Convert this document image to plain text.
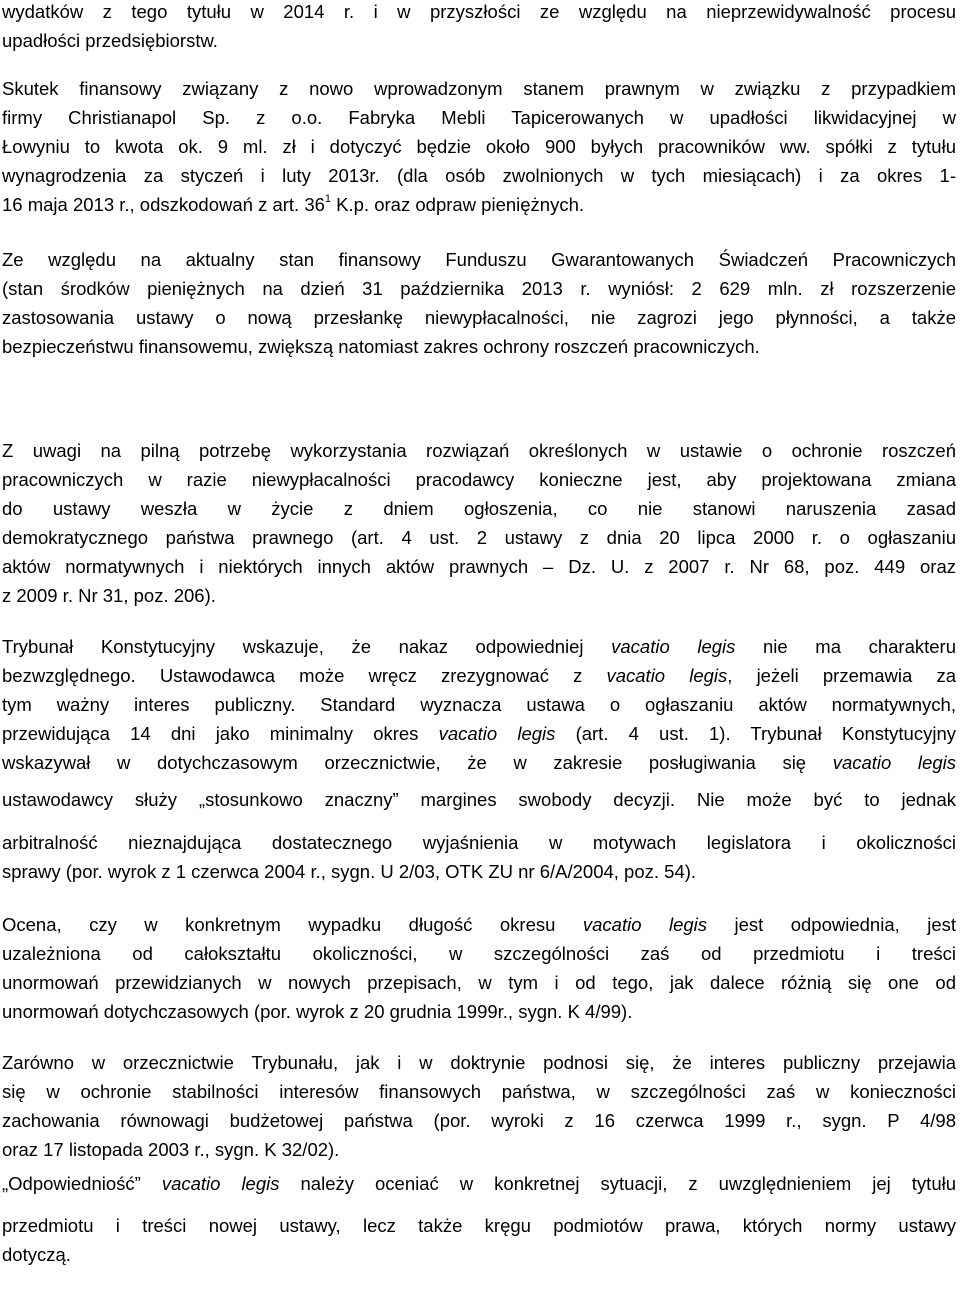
wydatków z tego tytułu w 2014 r. i w przyszłości ze względu na nieprzewidywalność procesu
upadłości przedsiębiorstw.
Skutek finansowy związany z nowo wprowadzonym stanem prawnym w związku z przypadkiem
firmy Christianapol Sp. z o.o. Fabryka Mebli Tapicerowanych w upadłości likwidacyjnej w
Łowyniu to kwota ok. 9 ml. zł i dotyczyć będzie około 900 byłych pracowników ww. spółki z tytułu
wynagrodzenia za styczeń i luty 2013r. (dla osób zwolnionych w tych miesiącach) i za okres 1-
16 maja 2013 r., odszkodowań z art. $36^1$ K.p. oraz odpraw pieniężnych.
Ze względu na aktualny stan finansowy Funduszu Gwarantowanych Świadczeń Pracowniczych
(stan środków pieniężnych na dzień 31 października 2013 r. wyniósł: 2 629 mln. zł rozszerzenie
zastosowania ustawy o nową przesłankę niewypłacalności, nie zagrozi jego płynności, a także
bezpieczeństwu finansowemu, zwiększą natomiast zakres ochrony roszczeń pracowniczych.
Z uwagi na pilną potrzebę wykorzystania rozwiązań określonych w ustawie o ochronie roszczeń
pracowniczych w razie niewypłacalności pracodawcy konieczne jest, aby projektowana zmiana
do ustawy weszła w życie z dniem ogłoszenia, co nie stanowi naruszenia zasad
demokratycznego państwa prawnego (art. 4 ust. 2 ustawy z dnia 20 lipca 2000 r. o ogłaszaniu
aktów normatywnych i niektórych innych aktów prawnych – Dz. U. z 2007 r. Nr 68, poz. 449 oraz
z 2009 r. Nr 31, poz. 206).
Trybunał Konstytucyjny wskazuje, że nakaz odpowiedniej vacatio legis nie ma charakteru
bezwzględnego. Ustawodawca może wręcz zrezygnować z vacatio legis, jeżeli przemawia za
tym ważny interes publiczny. Standard wyznacza ustawa o ogłaszaniu aktów normatywnych,
przewidująca 14 dni jako minimalny okres vacatio legis (art. 4 ust. 1). Trybunał Konstytucyjny
wskazywał w dotychczasowym orzecznictwie, że w zakresie posługiwania się vacatio legis
ustawodawcy służy „stosunkowo znaczny” margines swobody decyzji. Nie może być to jednak
arbitralność nieznajdująca dostatecznego wyjaśnienia w motywach legislatora i okoliczności
sprawy (por. wyrok z 1 czerwca 2004 r., sygn. U 2/03, OTK ZU nr 6/A/2004, poz. 54).
Ocena, czy w konkretnym wypadku długość okresu vacatio legis jest odpowiednia, jest
uzależniona od całokształtu okoliczności, w szczególności zaś od przedmiotu i treści
unormowań przewidzianych w nowych przepisach, w tym i od tego, jak dalece różnią się one od
unormowań dotychczasowych (por. wyrok z 20 grudnia 1999r., sygn. K 4/99).
Zarówno w orzecznictwie Trybunału, jak i w doktrynie podnosi się, że interes publiczny przejawia
się w ochronie stabilności interesów finansowych państwa, w szczególności zaś w konieczności
zachowania równowagi budżetowej państwa (por. wyroki z 16 czerwca 1999 r., sygn. P 4/98
oraz 17 listopada 2003 r., sygn. K 32/02).
„Odpowiedniość” vacatio legis należy oceniać w konkretnej sytuacji, z uwzględnieniem jej tytułu
przedmiotu i treści nowej ustawy, lecz także kręgu podmiotów prawa, których normy ustawy
dotyczą.
